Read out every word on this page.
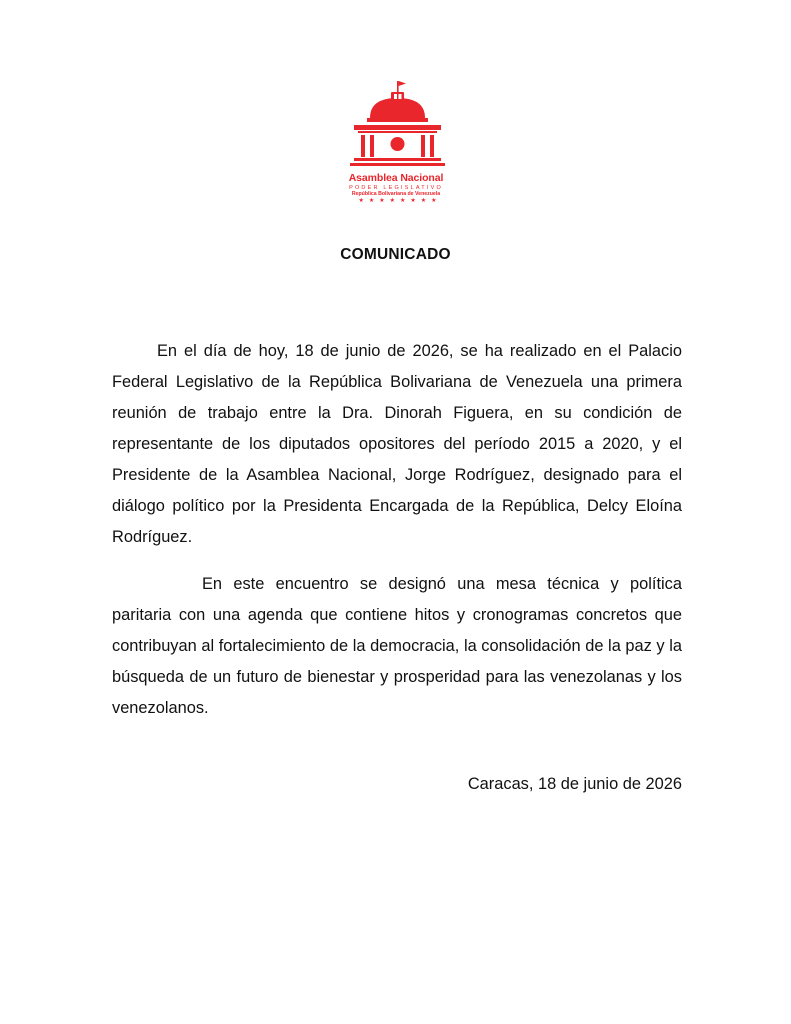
Asamblea Nacional
PODER LEGISLATIVO
República Bolivariana de Venezuela
★★★★★★★★
COMUNICADO

En el día de hoy, 18 de junio de 2026, se ha realizado en el Palacio Federal Legislativo de la República Bolivariana de Venezuela una primera reunión de trabajo entre la Dra. Dinorah Figuera, en su condición de representante de los diputados opositores del período 2015 a 2020, y el Presidente de la Asamblea Nacional, Jorge Rodríguez, designado para el diálogo político por la Presidenta Encargada de la República, Delcy Eloína Rodríguez.

En este encuentro se designó una mesa técnica y política paritaria con una agenda que contiene hitos y cronogramas concretos que contribuyan al fortalecimiento de la democracia, la consolidación de la paz y la búsqueda de un futuro de bienestar y prosperidad para las venezolanas y los venezolanos.

Caracas, 18 de junio de 2026
